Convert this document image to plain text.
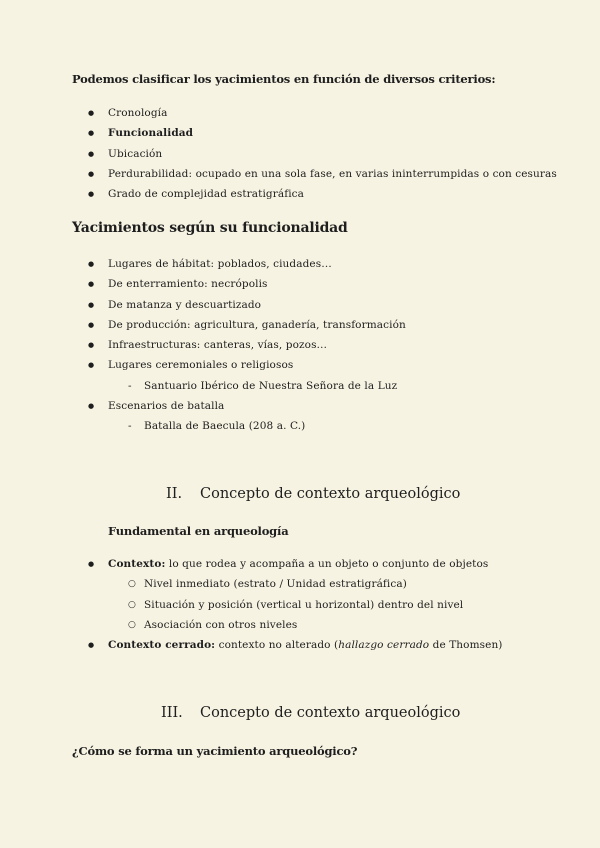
Podemos clasificar los yacimientos en función de diversos criterios:
● Cronología
● Funcionalidad
● Ubicación
● Perdurabilidad: ocupado en una sola fase, en varias ininterrumpidas o con cesuras
● Grado de complejidad estratigráfica
Yacimientos según su funcionalidad
● Lugares de hábitat: poblados, ciudades…
● De enterramiento: necrópolis
● De matanza y descuartizado
● De producción: agricultura, ganadería, transformación
● Infraestructuras: canteras, vías, pozos…
● Lugares ceremoniales o religiosos
- Santuario Ibérico de Nuestra Señora de la Luz
● Escenarios de batalla
- Batalla de Baecula (208 a. C.)
II. Concepto de contexto arqueológico
Fundamental en arqueología
● Contexto: lo que rodea y acompaña a un objeto o conjunto de objetos
○ Nivel inmediato (estrato / Unidad estratigráfica)
○ Situación y posición (vertical u horizontal) dentro del nivel
○ Asociación con otros niveles
● Contexto cerrado: contexto no alterado (hallazgo cerrado de Thomsen)
III. Concepto de contexto arqueológico
¿Cómo se forma un yacimiento arqueológico?
